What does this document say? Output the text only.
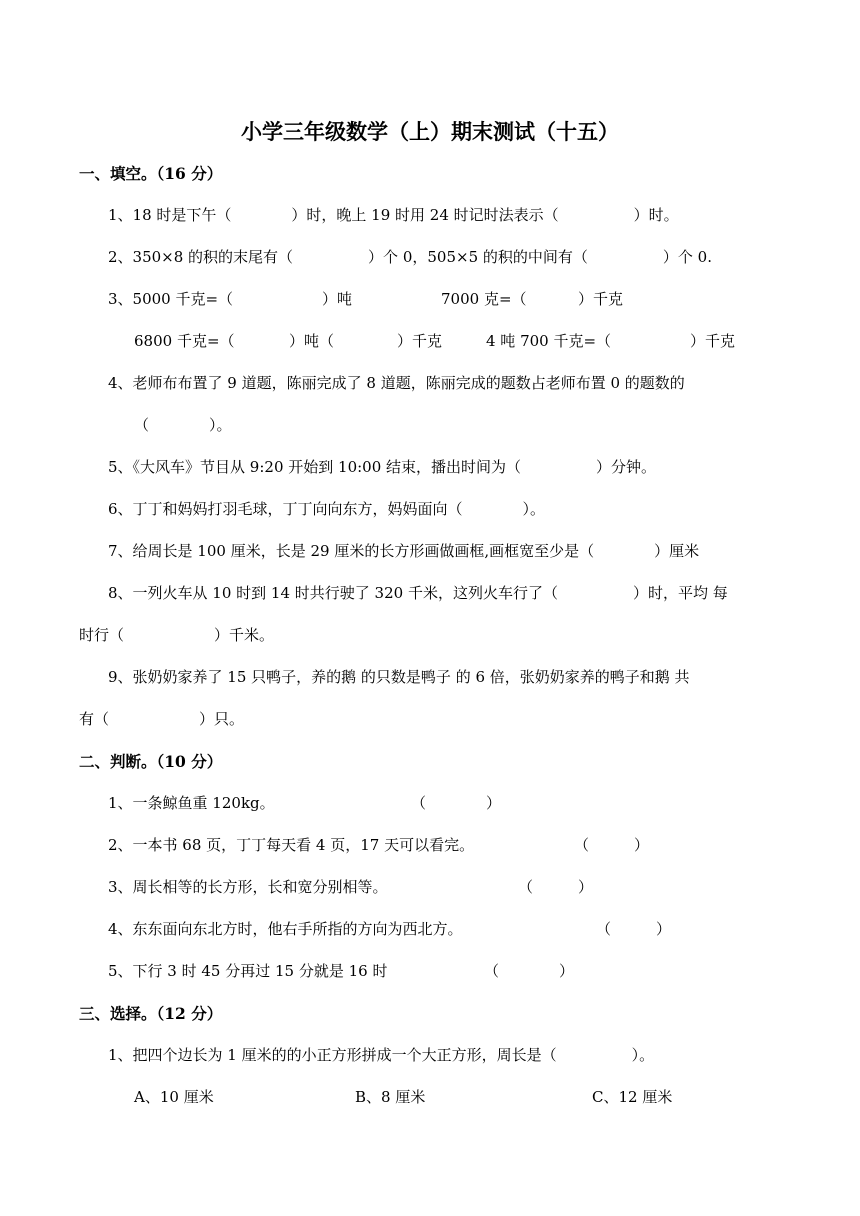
小学三年级数学（上）期末测试（十五）
一、填空。（16 分）
1、18 时是下午（　　　　）时，晚上 19 时用 24 时记时法表示（　　　　　）时。
2、350×8 的积的末尾有（　　　　　）个 0，505×5 的积的中间有（　　　　　）个 0.
3、5000 千克=（	）吨	7000 克=（	）千克
6800 千克=（	）吨（	）千克	4 吨 700 千克=（	）千克
4、老师布布置了 9 道题，陈丽完成了 8 道题，陈丽完成的题数占老师布置 0 的题数的
（　　　　）。
5、《大风车》节目从 9:20 开始到 10:00 结束，播出时间为（　　　　　）分钟。
6、丁丁和妈妈打羽毛球，丁丁向向东方，妈妈面向（　　　　）。
7、给周长是 100 厘米，长是 29 厘米的长方形画做画框,画框宽至少是（　　　　）厘米
8、一列火车从 10 时到 14 时共行驶了 320 千米，这列火车行了（　　　　　）时，平均 每
时行（　　　　　　）千米。
9、张奶奶家养了 15 只鸭子，养的鹅 的只数是鸭子 的 6 倍，张奶奶家养的鸭子和鹅 共
有（　　　　　　）只。
二、判断。（10 分）
1、一条鲸鱼重 120kg。	（　　　　）
2、一本书 68 页，丁丁每天看 4 页，17 天可以看完。	（　　　）
3、周长相等的长方形，长和宽分别相等。	（　　　）
4、东东面向东北方时，他右手所指的方向为西北方。	（　　　）
5、下行 3 时 45 分再过 15 分就是 16 时	（　　　　）
三、选择。（12 分）
1、把四个边长为 1 厘米的的小正方形拼成一个大正方形，周长是（　　　　　）。
A、10 厘米	B、8 厘米	C、12 厘米
